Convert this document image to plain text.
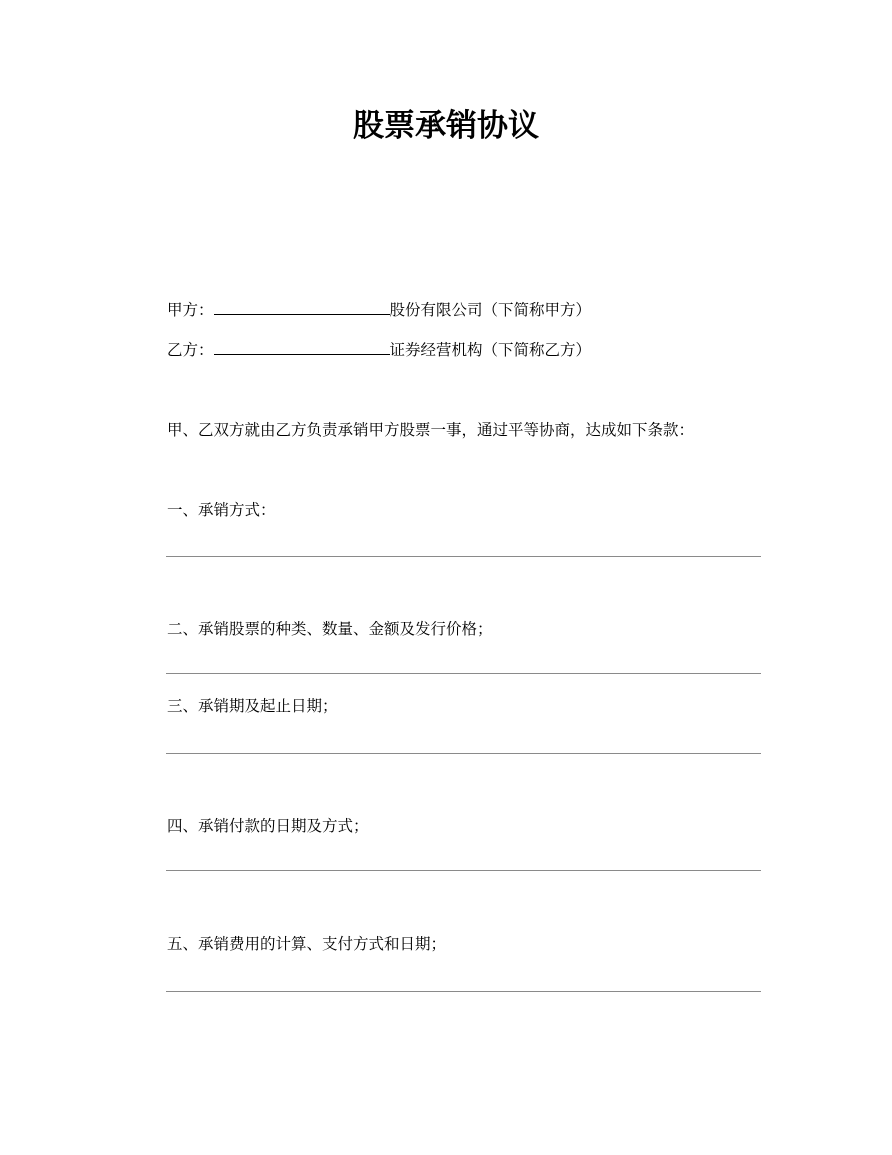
股票承销协议
甲方：	股份有限公司（下简称甲方）
乙方：	证券经营机构（下简称乙方）
甲、乙双方就由乙方负责承销甲方股票一事，通过平等协商，达成如下条款：
一、承销方式：
二、承销股票的种类、数量、金额及发行价格；
三、承销期及起止日期；
四、承销付款的日期及方式；
五、承销费用的计算、支付方式和日期；
